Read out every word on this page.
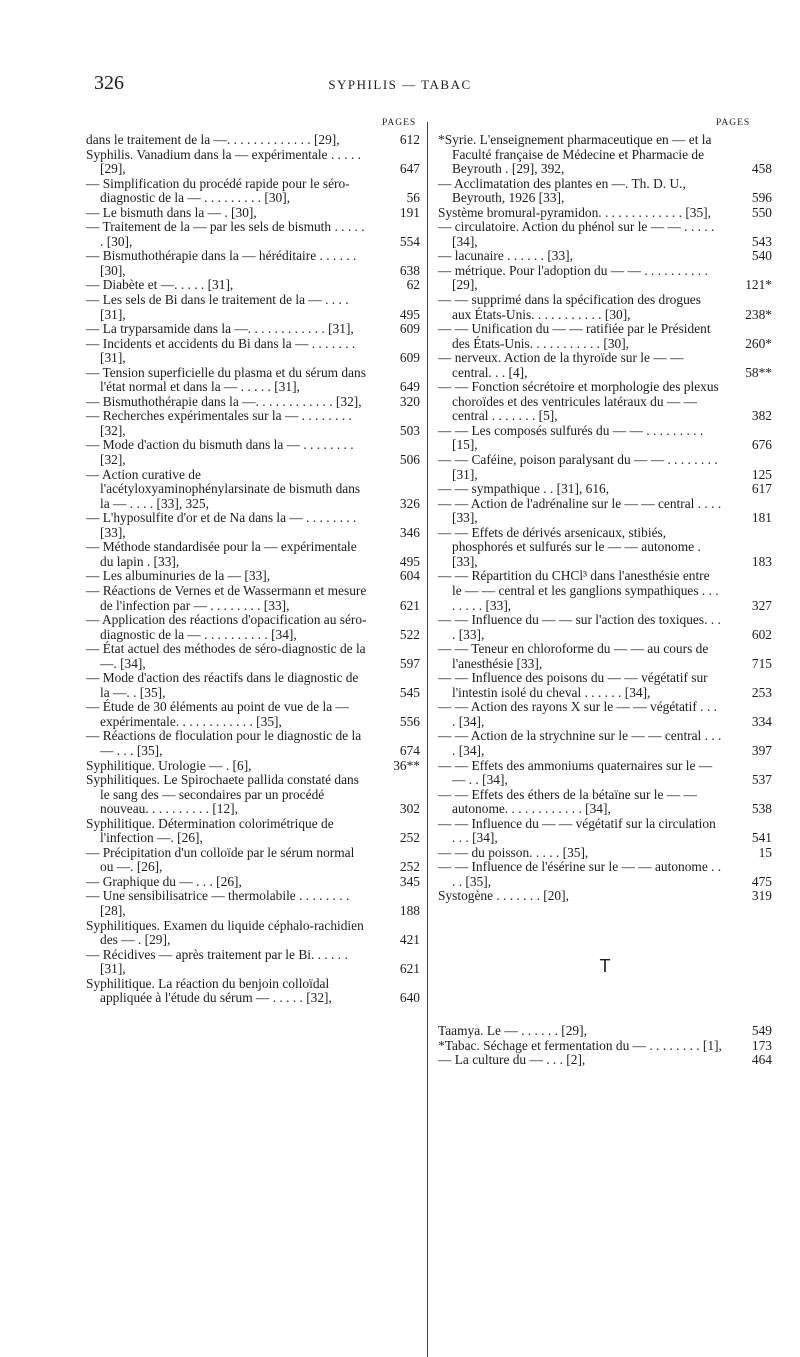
326	SYPHILIS — TABAC
PAGES	PAGES
dans le traitement de la —. . . . . . . . . . . . . [29],	612
Syphilis. Vanadium dans la — expérimentale . . . . . [29],	647
— Simplification du procédé rapide pour le séro-diagnostic de la — . . . . . . . . . [30],	56
— Le bismuth dans la — . [30],	191
— Traitement de la — par les sels de bismuth . . . . . . [30],	554
— Bismuthothérapie dans la — héréditaire . . . . . . [30],	638
— Diabète et —. . . . . [31],	62
— Les sels de Bi dans le traitement de la — . . . . [31],	495
— La tryparsamide dans la —. . . . . . . . . . . . [31],	609
— Incidents et accidents du Bi dans la — . . . . . . . [31],	609
— Tension superficielle du plasma et du sérum dans l'état normal et dans la — . . . . . [31],	649
— Bismuthothérapie dans la —. . . . . . . . . . . . [32],	320
— Recherches expérimentales sur la — . . . . . . . . [32],	503
— Mode d'action du bismuth dans la — . . . . . . . . [32],	506
— Action curative de l'acétyloxyaminophénylarsinate de bismuth dans la — . . . . [33], 325,	326
— L'hyposulfite d'or et de Na dans la — . . . . . . . . [33],	346
— Méthode standardisée pour la — expérimentale du lapin . [33],	495
— Les albuminuries de la — [33],	604
— Réactions de Vernes et de Wassermann et mesure de l'infection par — . . . . . . . . [33],	621
— Application des réactions d'opacification au séro-diagnostic de la — . . . . . . . . . . [34],	522
— État actuel des méthodes de séro-diagnostic de la —. [34],	597
— Mode d'action des réactifs dans le diagnostic de la —. . [35],	545
— Étude de 30 éléments au point de vue de la — expérimentale. . . . . . . . . . . . [35],	556
— Réactions de floculation pour le diagnostic de la — . . . [35],	674
Syphilitique. Urologie — . [6],	36**
Syphilitiques. Le Spirochaete pallida constaté dans le sang des — secondaires par un procédé nouveau. . . . . . . . . . [12],	302
Syphilitique. Détermination colorimétrique de l'infection —. [26],	252
— Précipitation d'un colloïde par le sérum normal ou —. [26],	252
— Graphique du — . . . [26],	345
— Une sensibilisatrice — thermolabile . . . . . . . . [28],	188
Syphilitiques. Examen du liquide céphalo-rachidien des — . [29],	421
— Récidives — après traitement par le Bi. . . . . . [31],	621
Syphilitique. La réaction du benjoin colloïdal appliquée à l'étude du sérum — . . . . . [32],	640
*Syrie. L'enseignement pharmaceutique en — et la Faculté française de Médecine et Pharmacie de Beyrouth . [29], 392,	458
— Acclimatation des plantes en —. Th. D. U., Beyrouth, 1926 [33],	596
Système bromural-pyramidon. . . . . . . . . . . . . [35],	550
— circulatoire. Action du phénol sur le — — . . . . . [34],	543
— lacunaire . . . . . . [33],	540
— métrique. Pour l'adoption du — — . . . . . . . . . . [29],	121*
— — supprimé dans la spécification des drogues aux États-Unis. . . . . . . . . . . [30],	238*
— — Unification du — — ratifiée par le Président des États-Unis. . . . . . . . . . . [30],	260*
— nerveux. Action de la thyroïde sur le — — central. . . [4],	58**
— — Fonction sécrétoire et morphologie des plexus choroïdes et des ventricules latéraux du — — central . . . . . . . [5],	382
— — Les composés sulfurés du — — . . . . . . . . . [15],	676
— — Caféine, poison paralysant du — — . . . . . . . . [31],	125
— — sympathique . . [31], 616,	617
— — Action de l'adrénaline sur le — — central . . . . [33],	181
— — Effets de dérivés arsenicaux, stibiés, phosphorés et sulfurés sur le — — autonome . [33],	183
— — Répartition du CHCl³ dans l'anesthésie entre le — — central et les ganglions sympathiques . . . . . . . . [33],	327
— — Influence du — — sur l'action des toxiques. . . . [33],	602
— — Teneur en chloroforme du — — au cours de l'anesthésie [33],	715
— — Influence des poisons du — — végétatif sur l'intestin isolé du cheval . . . . . . [34],	253
— — Action des rayons X sur le — — végétatif . . . . [34],	334
— — Action de la strychnine sur le — — central . . . . [34],	397
— — Effets des ammoniums quaternaires sur le — — . . [34],	537
— — Effets des éthers de la bétaïne sur le — — autonome. . . . . . . . . . . . [34],	538
— — Influence du — — végétatif sur la circulation . . . [34],	541
— — du poisson. . . . . [35],	15
— — Influence de l'ésérine sur le — — autonome . . . . [35],	475
Systogène . . . . . . . [20],	319
T
Taamya. Le — . . . . . . [29],	549
*Tabac. Séchage et fermentation du — . . . . . . . . [1],	173
— La culture du — . . . [2],	464
